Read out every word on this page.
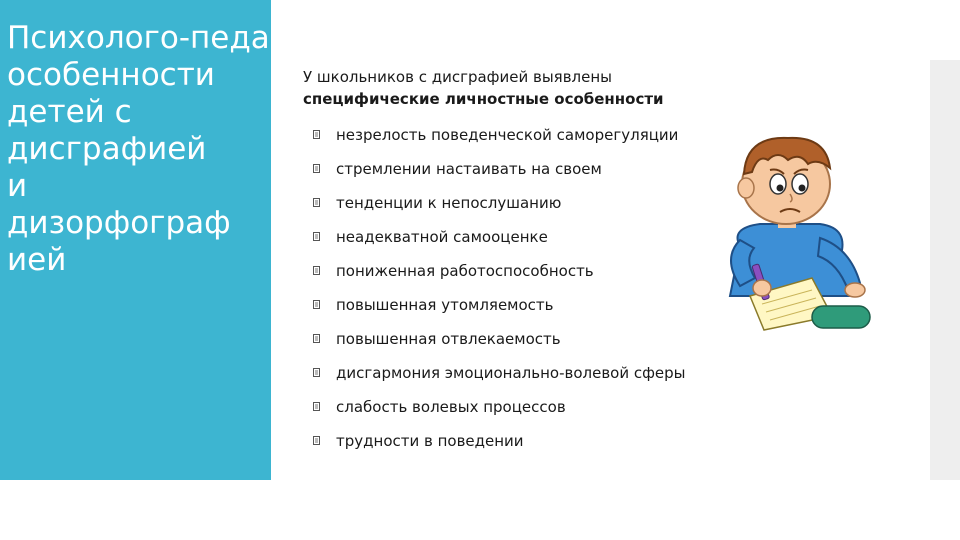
Психолого-педагогические
особенности
детей с
дисграфией
и
дизорфограф
ией
У школьников с дисграфией выявлены
специфические личностные особенности
незрелость поведенческой саморегуляции
стремлении настаивать на своем
тенденции к непослушанию
неадекватной самооценке
пониженная работоспособность
повышенная утомляемость
повышенная отвлекаемость
дисгармония эмоционально-волевой сферы
слабость волевых процессов
трудности в поведении
